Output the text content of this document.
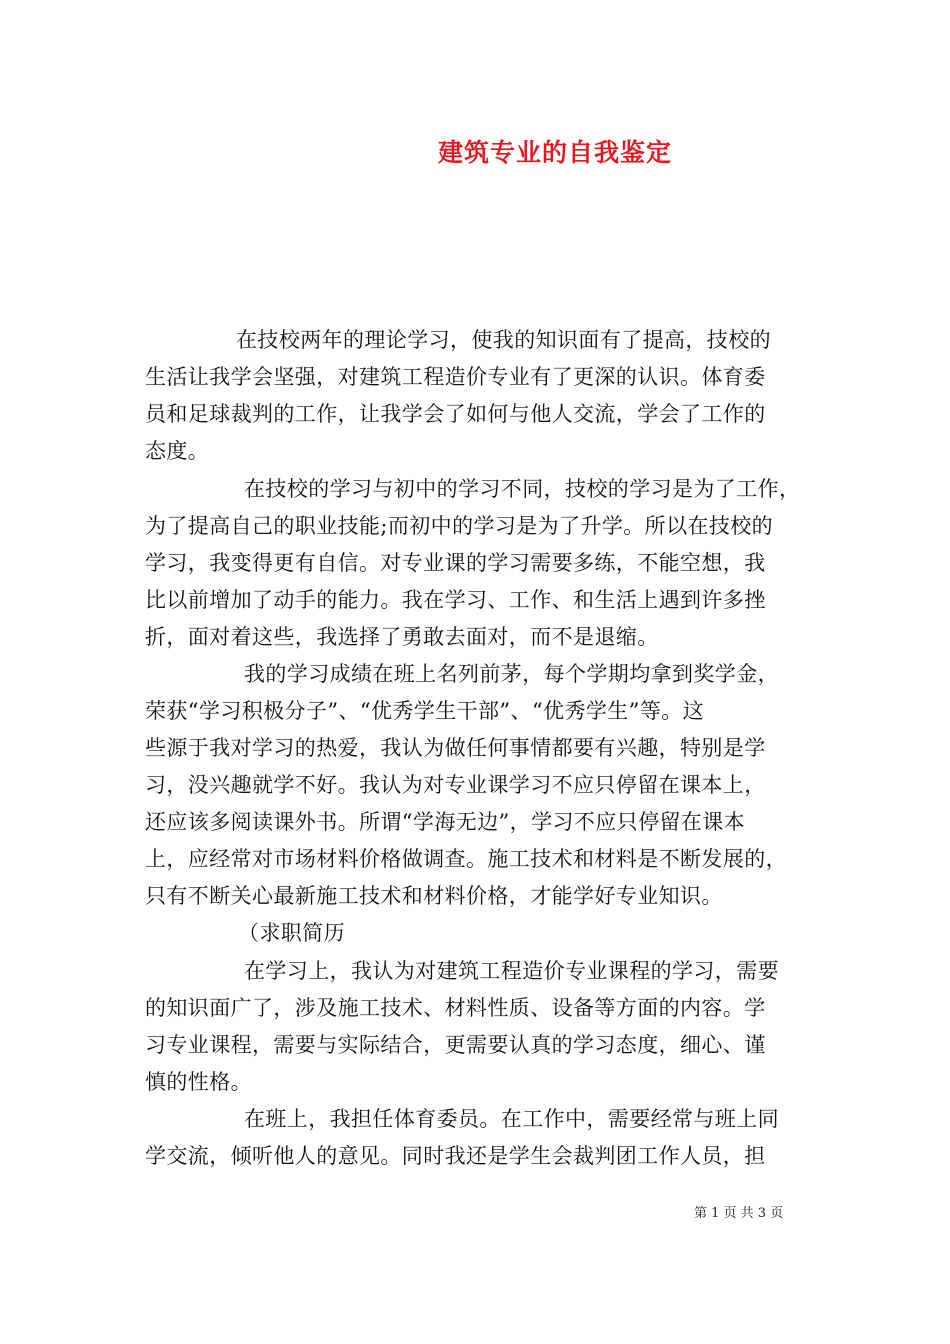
建筑专业的自我鉴定
在技校两年的理论学习，使我的知识面有了提高，技校的
生活让我学会坚强，对建筑工程造价专业有了更深的认识。体育委
员和足球裁判的工作，让我学会了如何与他人交流，学会了工作的
态度。
在技校的学习与初中的学习不同，技校的学习是为了工作，
为了提高自己的职业技能;而初中的学习是为了升学。所以在技校的
学习，我变得更有自信。对专业课的学习需要多练，不能空想，我
比以前增加了动手的能力。我在学习、工作、和生活上遇到许多挫
折，面对着这些，我选择了勇敢去面对，而不是退缩。
我的学习成绩在班上名列前茅，每个学期均拿到奖学金，
荣获“学习积极分子”、“优秀学生干部”、“优秀学生”等。这
些源于我对学习的热爱，我认为做任何事情都要有兴趣，特别是学
习，没兴趣就学不好。我认为对专业课学习不应只停留在课本上，
还应该多阅读课外书。所谓“学海无边”，学习不应只停留在课本
上，应经常对市场材料价格做调查。施工技术和材料是不断发展的，
只有不断关心最新施工技术和材料价格，才能学好专业知识。
（求职简历
在学习上，我认为对建筑工程造价专业课程的学习，需要
的知识面广了，涉及施工技术、材料性质、设备等方面的内容。学
习专业课程，需要与实际结合，更需要认真的学习态度，细心、谨
慎的性格。
在班上，我担任体育委员。在工作中，需要经常与班上同
学交流，倾听他人的意见。同时我还是学生会裁判团工作人员，担
第 1 页 共 3 页
